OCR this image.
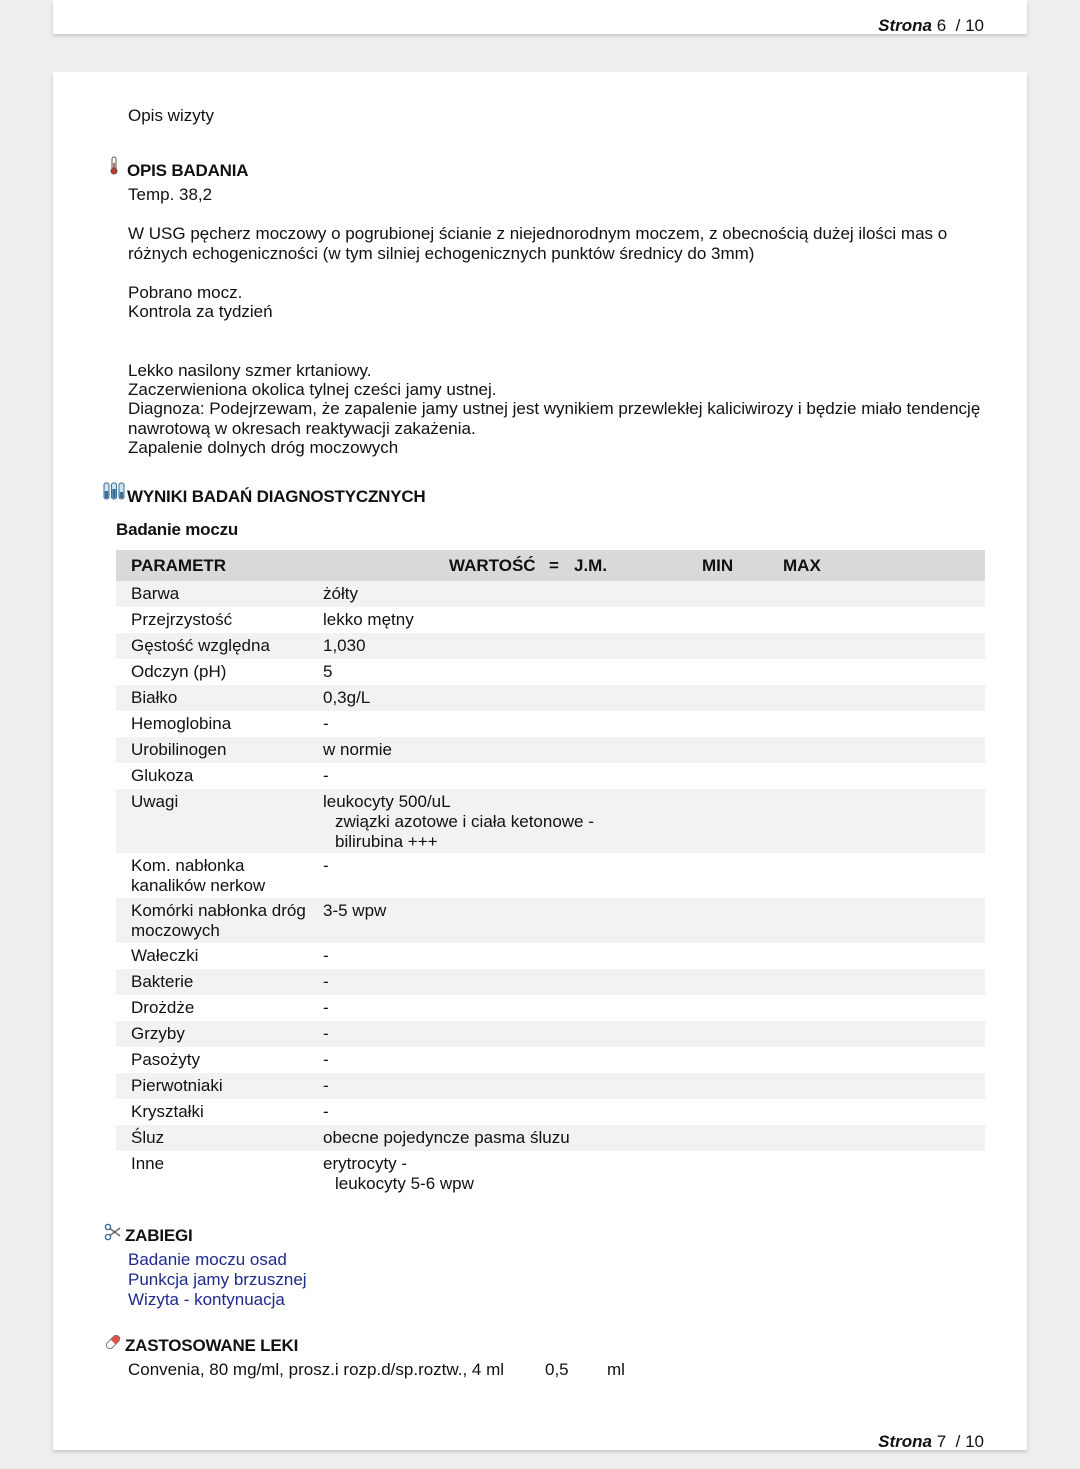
Strona 6 / 10
Opis wizyty
OPIS BADANIA
Temp. 38,2
W USG pęcherz moczowy o pogrubionej ścianie z niejednorodnym moczem, z obecnością dużej ilości mas o
różnych echogeniczności (w tym silniej echogenicznych punktów średnicy do 3mm)
Pobrano mocz.
Kontrola za tydzień
Lekko nasilony szmer krtaniowy.
Zaczerwieniona okolica tylnej cześci jamy ustnej.
Diagnoza: Podejrzewam, że zapalenie jamy ustnej jest wynikiem przewlekłej kaliciwirozy i będzie miało tendencję
nawrotową w okresach reaktywacji zakażenia.
Zapalenie dolnych dróg moczowych
WYNIKI BADAŃ DIAGNOSTYCZNYCH
Badanie moczu
PARAMETR	WARTOŚĆ = J.M. MIN MAX

Barwa	żółty
Przejrzystość	lekko mętny
Gęstość względna	1,030
Odczyn (pH)	5
Białko	0,3g/L
Hemoglobina	-
Urobilinogen	w normie
Glukoza	-
Uwagi	leukocyty 500/uL
związki azotowe i ciała ketonowe -
bilirubina +++

Kom. nabłonka
kanalików nerkow	-

Komórki nabłonka dróg
moczowych	3-5 wpw
Wałeczki	-
Bakterie	-
Drożdże	-
Grzyby	-
Pasożyty	-
Pierwotniaki	-
Kryształki	-
Śluz	obecne pojedyncze pasma śluzu
Inne	erytrocyty -
leukocyty 5-6 wpw
ZABIEGI
Badanie moczu osad
Punkcja jamy brzusznej
Wizyta - kontynuacja
ZASTOSOWANE LEKI
Convenia, 80 mg/ml, prosz.i rozp.d/sp.roztw., 4 ml 0,5 ml
Strona 7 / 10
